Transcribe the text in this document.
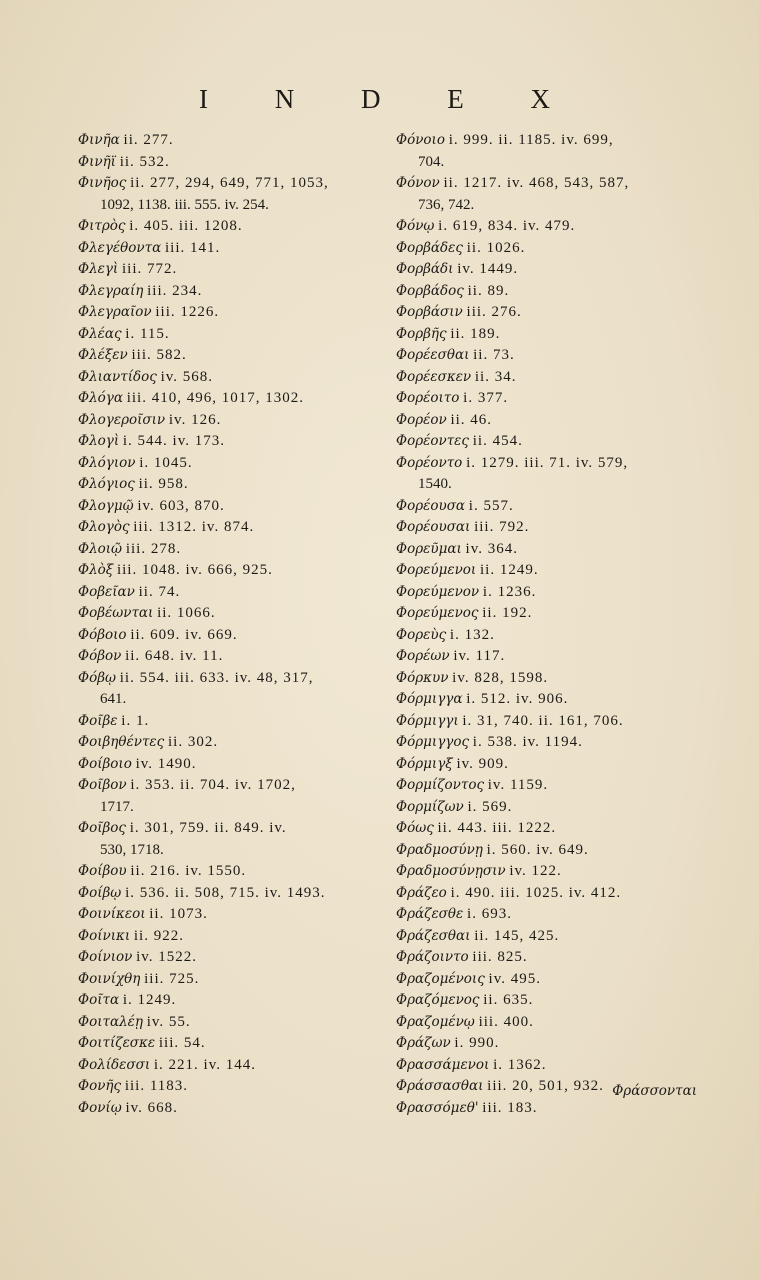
I N D E X

Φινῆα ii. 277.

Φινῆϊ ii. 532.

Φινῆος ii. 277, 294, 649, 771, 1053,

1092, 1138. iii. 555. iv. 254.

Φιτρὸς i. 405. iii. 1208.

Φλεγέθοντα iii. 141.

Φλεγὶ iii. 772.

Φλεγραίη iii. 234.

Φλεγραῖον iii. 1226.

Φλέας i. 115.

Φλέξεν iii. 582.

Φλιαντίδος iv. 568.

Φλόγα iii. 410, 496, 1017, 1302.

Φλογεροῖσιν iv. 126.

Φλογὶ i. 544. iv. 173.

Φλόγιον i. 1045.

Φλόγιος ii. 958.

Φλογμῷ iv. 603, 870.

Φλογὸς iii. 1312. iv. 874.

Φλοιῷ iii. 278.

Φλὸξ iii. 1048. iv. 666, 925.

Φοβεῖαν ii. 74.

Φοβέωνται ii. 1066.

Φόβοιο ii. 609. iv. 669.

Φόβον ii. 648. iv. 11.

Φόβῳ ii. 554. iii. 633. iv. 48, 317,

641.

Φοῖβε i. 1.

Φοιβηθέντες ii. 302.

Φοίβοιο iv. 1490.

Φοῖβον i. 353. ii. 704. iv. 1702,

1717.

Φοῖβος i. 301, 759. ii. 849. iv.

530, 1718.

Φοίβου ii. 216. iv. 1550.

Φοίβῳ i. 536. ii. 508, 715. iv. 1493.

Φοινίκεοι ii. 1073.

Φοίνικι ii. 922.

Φοίνιον iv. 1522.

Φοινίχθη iii. 725.

Φοῖτα i. 1249.

Φοιταλέῃ iv. 55.

Φοιτίζεσκε iii. 54.

Φολίδεσσι i. 221. iv. 144.

Φονῆς iii. 1183.

Φονίῳ iv. 668.

Φόνοιο i. 999. ii. 1185. iv. 699,

704.

Φόνον ii. 1217. iv. 468, 543, 587,

736, 742.

Φόνῳ i. 619, 834. iv. 479.

Φορβάδες ii. 1026.

Φορβάδι iv. 1449.

Φορβάδος ii. 89.

Φορβάσιν iii. 276.

Φορβῆς ii. 189.

Φορέεσθαι ii. 73.

Φορέεσκεν ii. 34.

Φορέοιτο i. 377.

Φορέον ii. 46.

Φορέοντες ii. 454.

Φορέοντο i. 1279. iii. 71. iv. 579,

1540.

Φορέουσα i. 557.

Φορέουσαι iii. 792.

Φορεῦμαι iv. 364.

Φορεύμενοι ii. 1249.

Φορεύμενον i. 1236.

Φορεύμενος ii. 192.

Φορεὺς i. 132.

Φορέων iv. 117.

Φόρκυν iv. 828, 1598.

Φόρμιγγα i. 512. iv. 906.

Φόρμιγγι i. 31, 740. ii. 161, 706.

Φόρμιγγος i. 538. iv. 1194.

Φόρμιγξ iv. 909.

Φορμίζοντος iv. 1159.

Φορμίζων i. 569.

Φόως ii. 443. iii. 1222.

Φραδμοσύνῃ i. 560. iv. 649.

Φραδμοσύνῃσιν iv. 122.

Φράζεο i. 490. iii. 1025. iv. 412.

Φράζεσθε i. 693.

Φράζεσθαι ii. 145, 425.

Φράζοιντο iii. 825.

Φραζομένοις iv. 495.

Φραζόμενος ii. 635.

Φραζομένῳ iii. 400.

Φράζων i. 990.

Φρασσάμενοι i. 1362.

Φράσσασθαι iii. 20, 501, 932.

Φρασσόμεθ' iii. 183.

Φράσσονται
